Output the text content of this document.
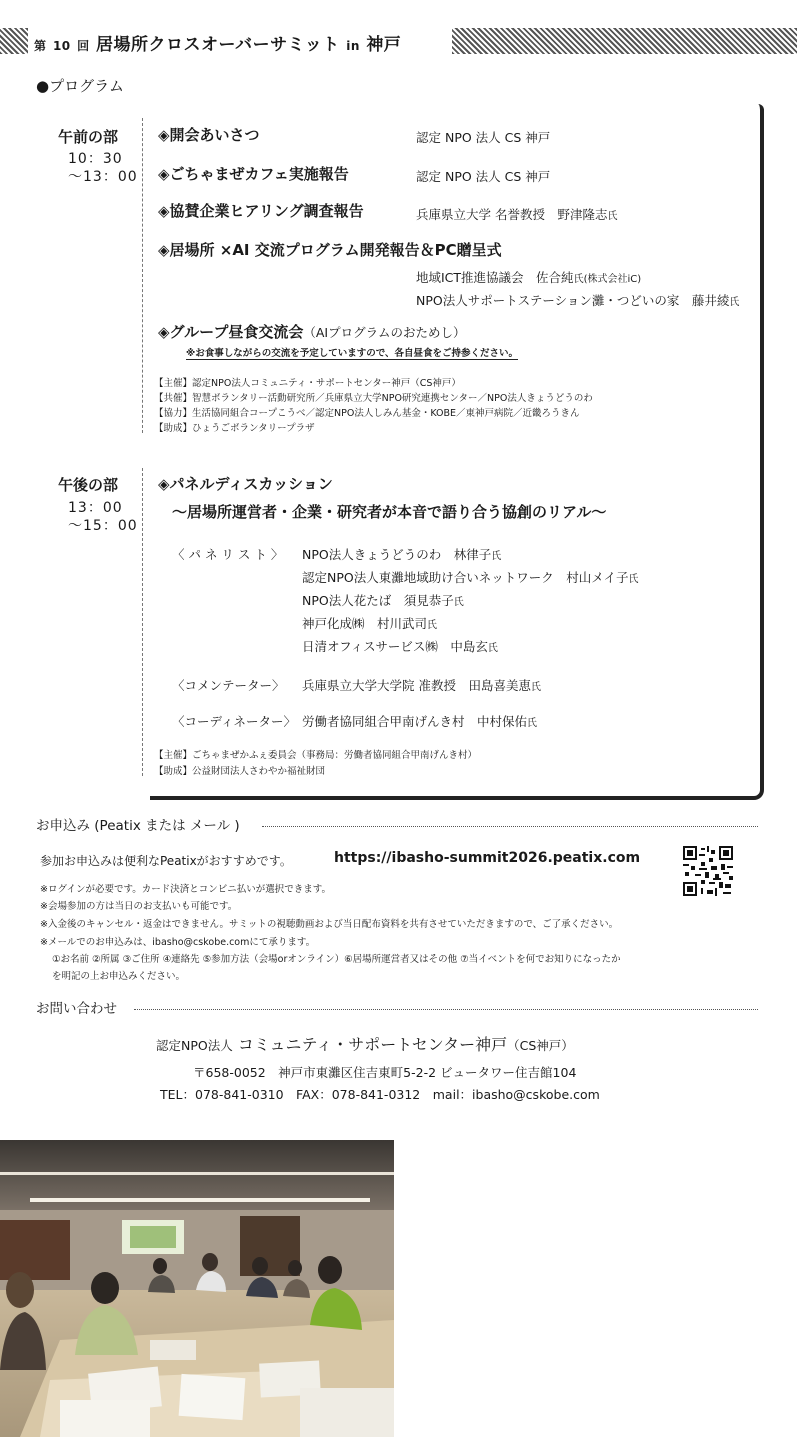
第 10 回 居場所クロスオーバーサミット in 神戸
●プログラム
午前の部
10：30
～13：00
◈開会あいさつ	認定 NPO 法人 CS 神戸
◈ごちゃまぜカフェ実施報告	認定 NPO 法人 CS 神戸
◈協賛企業ヒアリング調査報告	兵庫県立大学 名誉教授　野津隆志氏
◈居場所 ×AI 交流プログラム開発報告＆PC贈呈式
地域ICT推進協議会　佐合純氏(株式会社iC)
NPO法人サポートステーション灘・つどいの家　藤井綾氏
◈グループ昼食交流会（AIプログラムのおためし）
※お食事しながらの交流を予定していますので、各自昼食をご持参ください。
【主催】認定NPO法人コミュニティ・サポートセンター神戸（CS神戸）
【共催】智慧ボランタリー活動研究所／兵庫県立大学NPO研究連携センター／NPO法人きょうどうのわ
【協力】生活協同組合コープこうべ／認定NPO法人しみん基金・KOBE／東神戸病院／近畿ろうきん
【助成】ひょうごボランタリープラザ
午後の部
13：00
～15：00
◈パネルディスカッション
～居場所運営者・企業・研究者が本音で語り合う協創のリアル～
〈 パ ネ リ ス ト 〉 NPO法人きょうどうのわ　林律子氏
認定NPO法人東灘地域助け合いネットワーク　村山メイ子氏
NPO法人花たば　須見恭子氏
神戸化成㈱　村川武司氏
日清オフィスサービス㈱　中島玄氏
〈コメンテーター〉 兵庫県立大学大学院 准教授　田島喜美恵氏
〈コーディネーター〉 労働者協同組合甲南げんき村　中村保佑氏
【主催】ごちゃまぜかふぇ委員会（事務局：労働者協同組合甲南げんき村）
【助成】公益財団法人さわやか福祉財団
お申込み (Peatix または メール )
参加お申込みは便利なPeatixがおすすめです。	https://ibasho-summit2026.peatix.com
※ログインが必要です。カード決済とコンビニ払いが選択できます。
※会場参加の方は当日のお支払いも可能です。
※入金後のキャンセル・返金はできません。サミットの視聴動画および当日配布資料を共有させていただきますので、ご了承ください。
※メールでのお申込みは、ibasho@cskobe.comにて承ります。
①お名前 ②所属 ③ご住所 ④連絡先 ⑤参加方法（会場orオンライン）⑥居場所運営者又はその他 ⑦当イベントを何でお知りになったか
を明記の上お申込みください。
お問い合わせ
認定NPO法人 コミュニティ・サポートセンター神戸（CS神戸）
〒658-0052　神戸市東灘区住吉東町5-2-2 ビュータワー住吉館104
TEL：078-841-0310　FAX：078-841-0312　mail：ibasho@cskobe.com
